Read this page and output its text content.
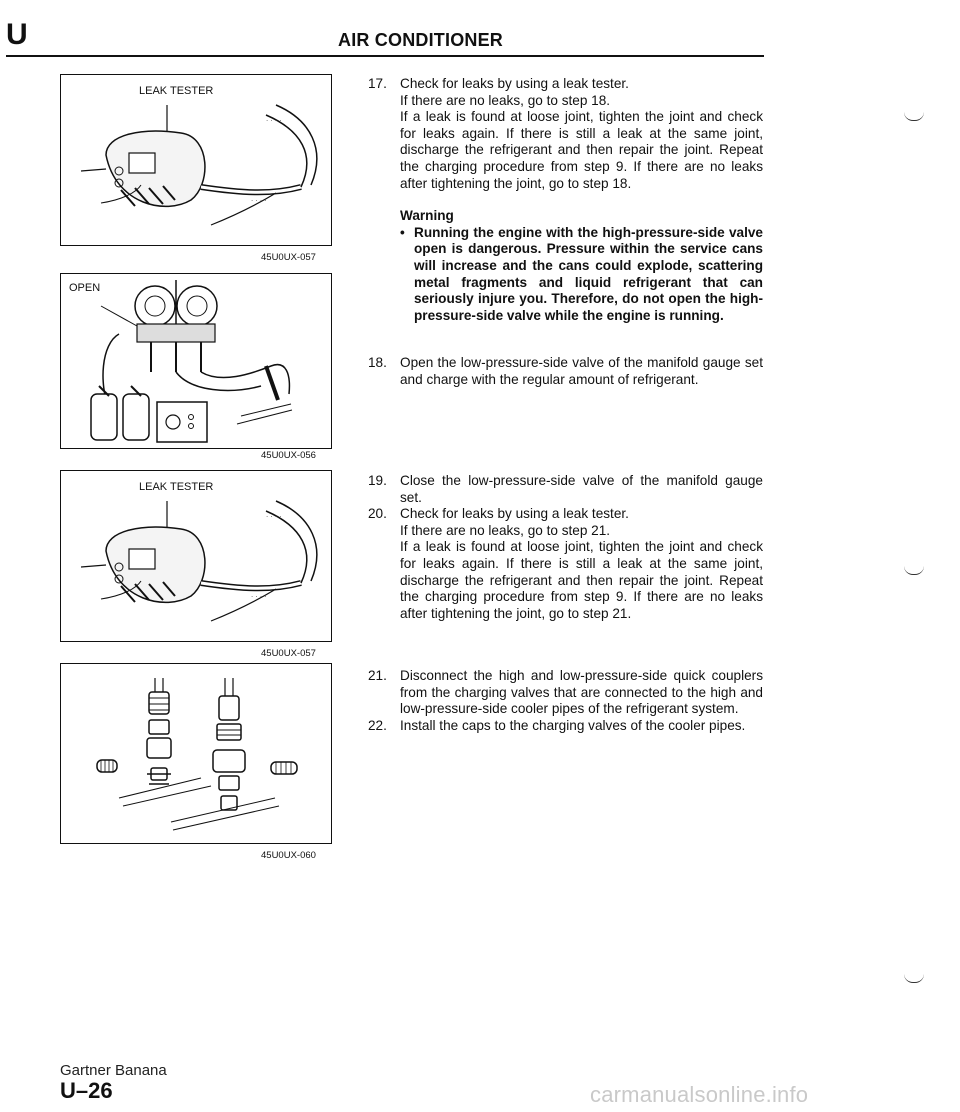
U	AIR CONDITIONER
· · · ·
· · · ·
LEAK TESTER
45U0UX-057
OPEN
45U0UX-056
· · · ·
· · · ·
LEAK TESTER
45U0UX-057
45U0UX-060
17. Check for leaks by using a leak tester.

If there are no leaks, go to step 18.

If a leak is found at loose joint, tighten the joint and check for leaks again. If there is still a leak at the same joint, discharge the refrigerant and then repair the joint. Repeat the charging procedure from step 9. If there are no leaks after tightening the joint, go to step 18.

Warning

• Running the engine with the high-pressure-side valve open is dangerous. Pressure within the service cans will increase and the cans could explode, scattering metal fragments and liquid refrigerant that can seriously injure you. Therefore, do not open the high-pressure-side valve while the engine is running.
18. Open the low-pressure-side valve of the manifold gauge set and charge with the regular amount of refrigerant.

19. Close the low-pressure-side valve of the manifold gauge set.

20. Check for leaks by using a leak tester.

If there are no leaks, go to step 21.

If a leak is found at loose joint, tighten the joint and check for leaks again. If there is still a leak at the same joint, discharge the refrigerant and then repair the joint. Repeat the charging procedure from step 9. If there are no leaks after tightening the joint, go to step 21.

21. Disconnect the high and low-pressure-side quick couplers from the charging valves that are connected to the high and low-pressure-side cooler pipes of the refrigerant system.

22. Install the caps to the charging valves of the cooler pipes.

Gartner Banana
U–26	carmanualsonline.info
